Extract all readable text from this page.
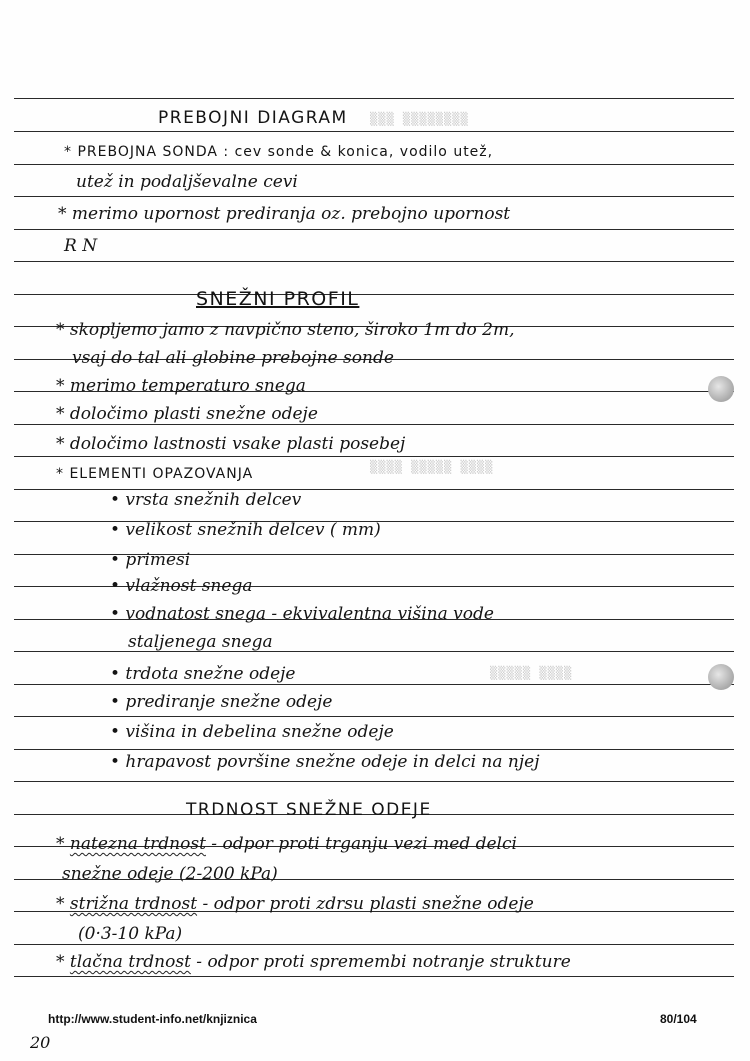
▒▒▒ ▒▒▒▒▒▒▒▒
▒▒▒▒ ▒▒▒▒▒ ▒▒▒▒
▒▒▒▒▒ ▒▒▒▒
PREBOJNI DIAGRAM
* PREBOJNA SONDA : cev sonde & konica, vodilo utež,
utež in podaljševalne cevi
* merimo upornost prediranja oz. prebojno upornost
R N
SNEŽNI PROFIL
* skopljemo jamo z navpično steno, široko 1m do 2m,
vsaj do tal ali globine prebojne sonde
* merimo temperaturo snega
* določimo plasti snežne odeje
* določimo lastnosti vsake plasti posebej
* ELEMENTI OPAZOVANJA
• vrsta snežnih delcev
• velikost snežnih delcev ( mm)
• primesi
• vlažnost snega
• vodnatost snega - ekvivalentna višina vode
staljenega snega
• trdota snežne odeje
• prediranje snežne odeje
• višina in debelina snežne odeje
• hrapavost površine snežne odeje in delci na njej
TRDNOST SNEŽNE ODEJE
* natezna trdnost - odpor proti trganju vezi med delci
snežne odeje (2-200 kPa)
* strižna trdnost - odpor proti zdrsu plasti snežne odeje
(0·3-10 kPa)
* tlačna trdnost - odpor proti spremembi notranje strukture
http://www.student-info.net/knjiznica	80/104
20
